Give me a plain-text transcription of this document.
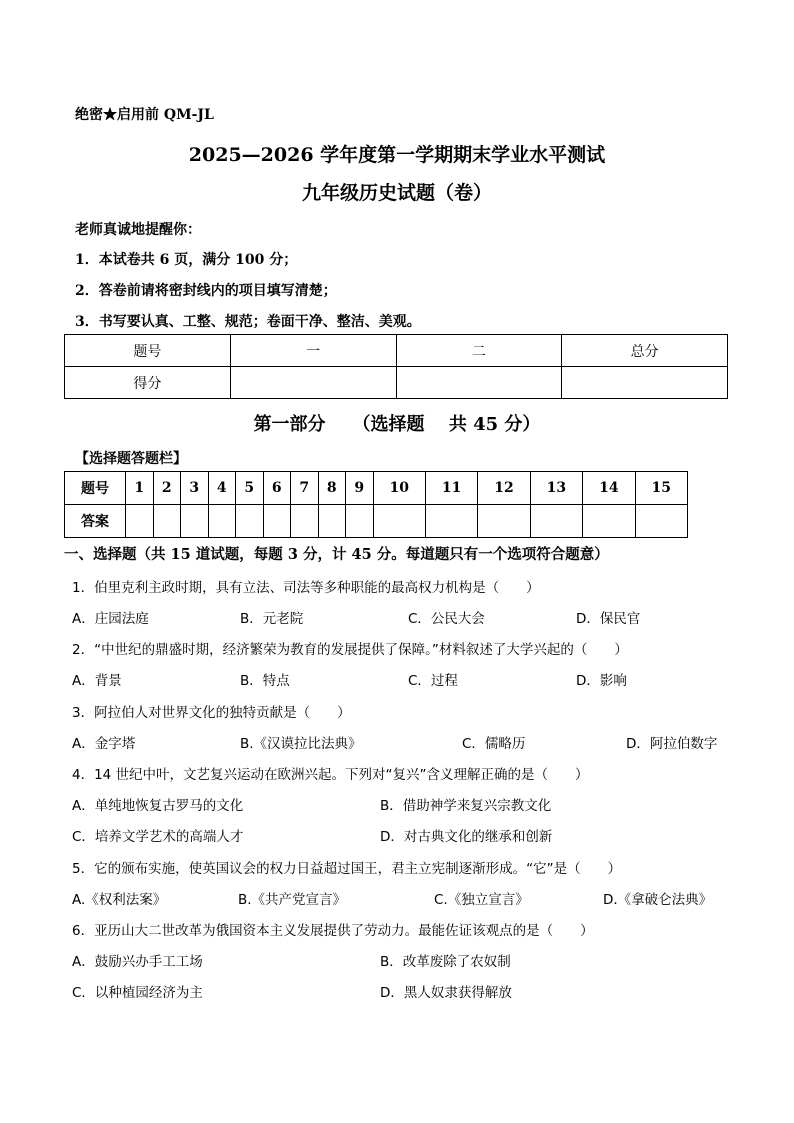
绝密★启用前 QM-JL
2025—2026 学年度第一学期期末学业水平测试
九年级历史试题（卷）
老师真诚地提醒你：
1．本试卷共 6 页，满分 100 分；
2．答卷前请将密封线内的项目填写清楚；
3．书写要认真、工整、规范；卷面干净、整洁、美观。
题号	一	二	总分
得分			
第一部分　　（选择题　 共 45 分）
【选择题答题栏】
题号	1	2	3	4	5	6	7	8	9	10	11	12	13	14	15
答案															
一、选择题（共 15 道试题，每题 3 分，计 45 分。每道题只有一个选项符合题意）
1．伯里克利主政时期，具有立法、司法等多种职能的最高权力机构是（　　）
A．庄园法庭	B．元老院	C．公民大会	D．保民官
2．“中世纪的鼎盛时期，经济繁荣为教育的发展提供了保障。”材料叙述了大学兴起的（　　）
A．背景	B．特点	C．过程	D．影响
3．阿拉伯人对世界文化的独特贡献是（　　）
A．金字塔	B.《汉谟拉比法典》	C．儒略历	D．阿拉伯数字
4．14 世纪中叶，文艺复兴运动在欧洲兴起。下列对“复兴”含义理解正确的是（　　）
A．单纯地恢复古罗马的文化	B．借助神学来复兴宗教文化
C．培养文学艺术的高端人才	D．对古典文化的继承和创新
5．它的颁布实施，使英国议会的权力日益超过国王，君主立宪制逐渐形成。“它”是（　　）
A.《权利法案》	B.《共产党宣言》	C.《独立宣言》	D.《拿破仑法典》
6．亚历山大二世改革为俄国资本主义发展提供了劳动力。最能佐证该观点的是（　　）
A．鼓励兴办手工工场	B．改革废除了农奴制
C．以种植园经济为主	D．黑人奴隶获得解放
